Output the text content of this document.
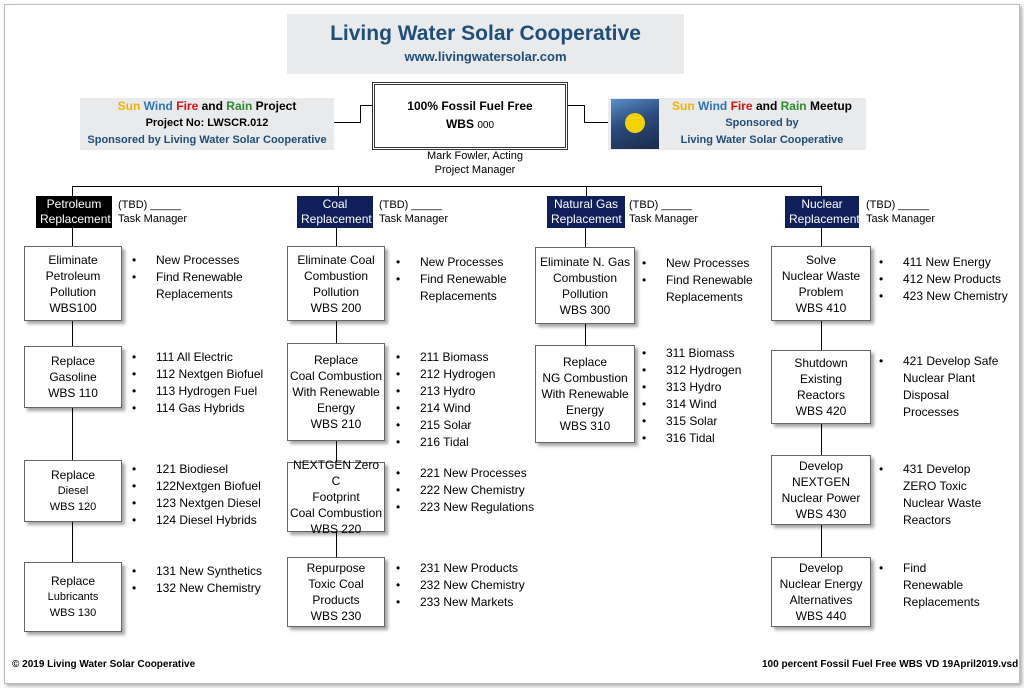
Living Water Solar Cooperative
www.livingwatersolar.com
Sun Wind Fire and Rain Project
Project No: LWSCR.012
Sponsored by Living Water Solar Cooperative
Sun Wind Fire and Rain Meetup
Sponsored by
Living Water Solar Cooperative
100% Fossil Fuel Free
WBS 000
Mark Fowler, Acting
Project Manager
Petroleum
Replacement
(TBD) _____
Task Manager
Eliminate
Petroleum
Pollution
WBS100
• New Processes
• Find Renewable Replacements
Replace
Gasoline
WBS 110
• 111 All Electric
• 112 Nextgen Biofuel
• 113 Hydrogen Fuel
• 114 Gas Hybrids
Replace
Diesel
WBS 120
• 121 Biodiesel
• 122Nextgen Biofuel
• 123 Nextgen Diesel
• 124 Diesel Hybrids
Replace
Lubricants
WBS 130
• 131 New Synthetics
• 132 New Chemistry
Coal
Replacement
(TBD) _____
Task Manager
Eliminate Coal
Combustion
Pollution
WBS 200
• New Processes
• Find Renewable Replacements
Replace
Coal Combustion
With Renewable
Energy
WBS 210
• 211 Biomass
• 212 Hydrogen
• 213 Hydro
• 214 Wind
• 215 Solar
• 216 Tidal
NEXTGEN Zero C
Footprint
Coal Combustion
WBS 220
• 221 New Processes
• 222 New Chemistry
• 223 New Regulations
Repurpose
Toxic Coal
Products
WBS 230
• 231 New Products
• 232 New Chemistry
• 233 New Markets
Natural Gas
Replacement
(TBD) _____
Task Manager
Eliminate N. Gas
Combustion
Pollution
WBS 300
• New Processes
• Find Renewable Replacements
Replace
NG Combustion
With Renewable
Energy
WBS 310
• 311 Biomass
• 312 Hydrogen
• 313 Hydro
• 314 Wind
• 315 Solar
• 316 Tidal
Nuclear
Replacement
(TBD) _____
Task Manager
Solve
Nuclear Waste
Problem
WBS 410
• 411 New Energy
• 412 New Products
• 423 New Chemistry
Shutdown
Existing
Reactors
WBS 420
• 421 Develop Safe Nuclear Plant Disposal Processes
Develop
NEXTGEN
Nuclear Power
WBS 430
• 431 Develop ZERO Toxic Nuclear Waste Reactors
Develop
Nuclear Energy
Alternatives
WBS 440
• Find Renewable Replacements
© 2019 Living Water Solar Cooperative	100 percent Fossil Fuel Free WBS VD 19April2019.vsd
